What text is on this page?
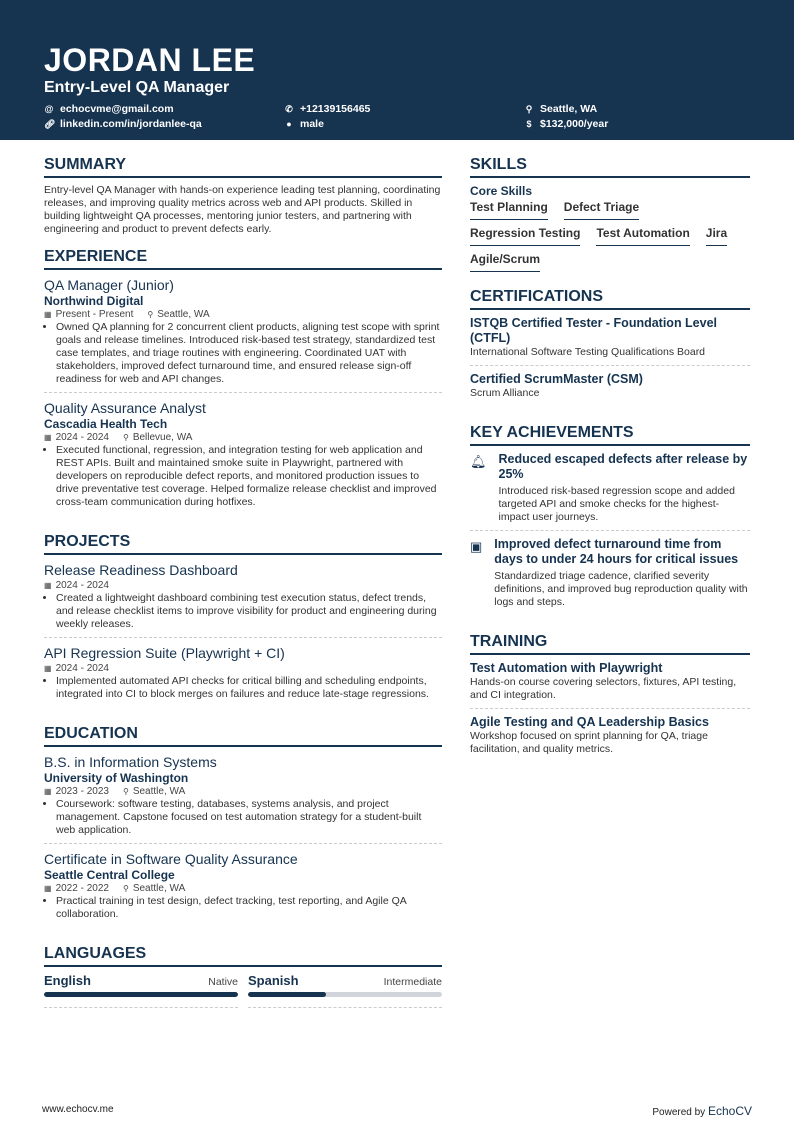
JORDAN LEE
Entry-Level QA Manager
@ echocvme@gmail.com	✆ +12139156465	⚲ Seattle, WA
🔗︎ linkedin.com/in/jordanlee-qa	● male	$ $132,000/year
SUMMARY
Entry-level QA Manager with hands-on experience leading test planning, coordinating releases, and improving quality metrics across web and API products. Skilled in building lightweight QA processes, mentoring junior testers, and partnering with engineering and product to prevent defects early.
EXPERIENCE
QA Manager (Junior)
Northwind Digital
▦ Present - Present ⚲ Seattle, WA
• Owned QA planning for 2 concurrent client products, aligning test scope with sprint goals and release timelines. Introduced risk-based test strategy, standardized test case templates, and triage routines with engineering. Coordinated UAT with stakeholders, improved defect turnaround time, and ensured release sign-off readiness for web and API changes.
Quality Assurance Analyst
Cascadia Health Tech
▦ 2024 - 2024 ⚲ Bellevue, WA
• Executed functional, regression, and integration testing for web application and REST APIs. Built and maintained smoke suite in Playwright, partnered with developers on reproducible defect reports, and monitored production issues to drive preventative test coverage. Helped formalize release checklist and improved cross-team communication during hotfixes.
PROJECTS
Release Readiness Dashboard
▦ 2024 - 2024
• Created a lightweight dashboard combining test execution status, defect trends, and release checklist items to improve visibility for product and engineering during weekly releases.
API Regression Suite (Playwright + CI)
▦ 2024 - 2024
• Implemented automated API checks for critical billing and scheduling endpoints, integrated into CI to block merges on failures and reduce late-stage regressions.
EDUCATION
B.S. in Information Systems
University of Washington
▦ 2023 - 2023 ⚲ Seattle, WA
• Coursework: software testing, databases, systems analysis, and project management. Capstone focused on test automation strategy for a student-built web application.
Certificate in Software Quality Assurance
Seattle Central College
▦ 2022 - 2022 ⚲ Seattle, WA
• Practical training in test design, defect tracking, test reporting, and Agile QA collaboration.
LANGUAGES
English	Native Spanish	Intermediate
SKILLS
Core Skills
Test Planning Defect Triage
Regression Testing Test Automation Jira
Agile/Scrum
CERTIFICATIONS
ISTQB Certified Tester - Foundation Level (CTFL)
International Software Testing Qualifications Board
Certified ScrumMaster (CSM)
Scrum Alliance
KEY ACHIEVEMENTS
🔔︎ Reduced escaped defects after release by 25%
Introduced risk-based regression scope and added targeted API and smoke checks for the highest-impact user journeys.
▣ Improved defect turnaround time from days to under 24 hours for critical issues
Standardized triage cadence, clarified severity definitions, and improved bug reproduction quality with logs and steps.
TRAINING
Test Automation with Playwright
Hands-on course covering selectors, fixtures, API testing, and CI integration.
Agile Testing and QA Leadership Basics
Workshop focused on sprint planning for QA, triage facilitation, and quality metrics.
www.echocv.me	Powered by EchoCV
